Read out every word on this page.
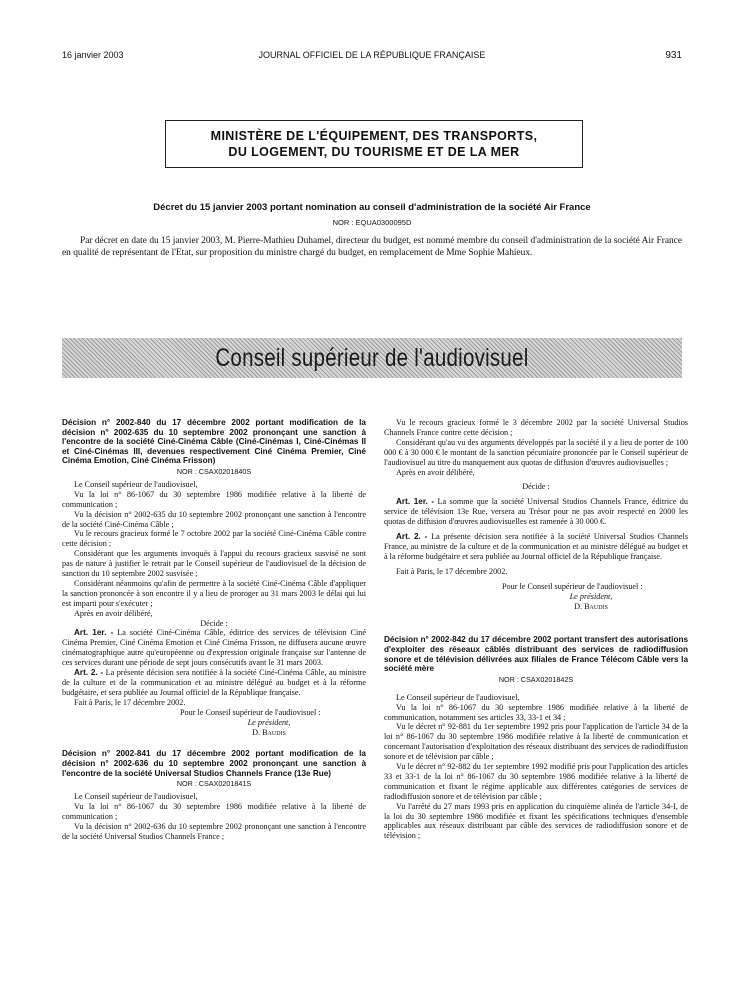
16 janvier 2003	JOURNAL OFFICIEL DE LA RÉPUBLIQUE FRANÇAISE	931
MINISTÈRE DE L'ÉQUIPEMENT, DES TRANSPORTS,
DU LOGEMENT, DU TOURISME ET DE LA MER
Décret du 15 janvier 2003 portant nomination au conseil d'administration de la société Air France
NOR : EQUA0300095D
Par décret en date du 15 janvier 2003, M. Pierre-Mathieu Duhamel, directeur du budget, est nommé membre du conseil d'administration de la société Air France en qualité de représentant de l'Etat, sur proposition du ministre chargé du budget, en remplacement de Mme Sophie Mahieux.
Conseil supérieur de l'audiovisuel
Décision n° 2002-840 du 17 décembre 2002 portant modification de la décision n° 2002-635 du 10 septembre 2002 prononçant une sanction à l'encontre de la société Ciné-Cinéma Câble (Ciné-Cinémas I, Ciné-Cinémas II et Ciné-Cinémas III, devenues respectivement Ciné Cinéma Premier, Ciné Cinéma Emotion, Ciné Cinéma Frisson)
NOR : CSAX0201840S

Le Conseil supérieur de l'audiovisuel,

Vu la loi n° 86-1067 du 30 septembre 1986 modifiée relative à la liberté de communication ;

Vu la décision n° 2002-635 du 10 septembre 2002 prononçant une sanction à l'encontre de la société Ciné-Cinéma Câble ;

Vu le recours gracieux formé le 7 octobre 2002 par la société Ciné-Cinéma Câble contre cette décision ;

Considérant que les arguments invoqués à l'appui du recours gracieux susvisé ne sont pas de nature à justifier le retrait par le Conseil supérieur de l'audiovisuel de la décision de sanction du 10 septembre 2002 susvisée ;

Considérant néanmoins qu'afin de permettre à la société Ciné-Cinéma Câble d'appliquer la sanction prononcée à son encontre il y a lieu de proroger au 31 mars 2003 le délai qui lui est imparti pour s'exécuter ;

Après en avoir délibéré,

Décide :

Art. 1er. - La société Ciné-Cinéma Câble, éditrice des services de télévision Ciné Cinéma Premier, Ciné Cinéma Emotion et Ciné Cinéma Frisson, ne diffusera aucune œuvre cinématographique autre qu'européenne ou d'expression originale française sur l'antenne de ces services durant une période de sept jours consécutifs avant le 31 mars 2003.

Art. 2. - La présente décision sera notifiée à la société Ciné-Cinéma Câble, au ministre de la culture et de la communication et au ministre délégué au budget et à la réforme budgétaire, et sera publiée au Journal officiel de la République française.

Fait à Paris, le 17 décembre 2002.

Pour le Conseil supérieur de l'audiovisuel :

Le président,

D. Baudis

Décision n° 2002-841 du 17 décembre 2002 portant modification de la décision n° 2002-636 du 10 septembre 2002 prononçant une sanction à l'encontre de la société Universal Studios Channels France (13e Rue)
NOR : CSAX0201841S

Le Conseil supérieur de l'audiovisuel,

Vu la loi n° 86-1067 du 30 septembre 1986 modifiée relative à la liberté de communication ;

Vu la décision n° 2002-636 du 10 septembre 2002 prononçant une sanction à l'encontre de la société Universal Studios Channels France ;

Vu le recours gracieux formé le 3 décembre 2002 par la société Universal Studios Channels France contre cette décision ;

Considérant qu'au vu des arguments développés par la société il y a lieu de porter de 100 000 € à 30 000 € le montant de la sanction pécuniaire prononcée par le Conseil supérieur de l'audiovisuel au titre du manquement aux quotas de diffusion d'œuvres audiovisuelles ;

Après en avoir délibéré,

Décide :

Art. 1er. - La somme que la société Universal Studios Channels France, éditrice du service de télévision 13e Rue, versera au Trésor pour ne pas avoir respecté en 2000 les quotas de diffusion d'œuvres audiovisuelles est ramenée à 30 000 €.

Art. 2. - La présente décision sera notifiée à la société Universal Studios Channels France, au ministre de la culture et de la communication et au ministre délégué au budget et à la réforme budgétaire et sera publiée au Journal officiel de la République française.

Fait à Paris, le 17 décembre 2002.

Pour le Conseil supérieur de l'audiovisuel :

Le président,

D. Baudis

Décision n° 2002-842 du 17 décembre 2002 portant transfert des autorisations d'exploiter des réseaux câblés distribuant des services de radiodiffusion sonore et de télévision délivrées aux filiales de France Télécom Câble vers la société mère
NOR : CSAX0201842S

Le Conseil supérieur de l'audiovisuel,

Vu la loi n° 86-1067 du 30 septembre 1986 modifiée relative à la liberté de communication, notamment ses articles 33, 33-1 et 34 ;

Vu le décret n° 92-881 du 1er septembre 1992 pris pour l'application de l'article 34 de la loi n° 86-1067 du 30 septembre 1986 modifiée relative à la liberté de communication et concernant l'autorisation d'exploitation des réseaux distribuant des services de radiodiffusion sonore et de télévision par câble ;

Vu le décret n° 92-882 du 1er septembre 1992 modifié pris pour l'application des articles 33 et 33-1 de la loi n° 86-1067 du 30 septembre 1986 modifiée relative à la liberté de communication et fixant le régime applicable aux différentes catégories de services de radiodiffusion sonore et de télévision par câble ;

Vu l'arrêté du 27 mars 1993 pris en application du cinquième alinéa de l'article 34-I, de la loi du 30 septembre 1986 modifiée et fixant les spécifications techniques d'ensemble applicables aux réseaux distribuant par câble des services de radiodiffusion sonore et de télévision ;
